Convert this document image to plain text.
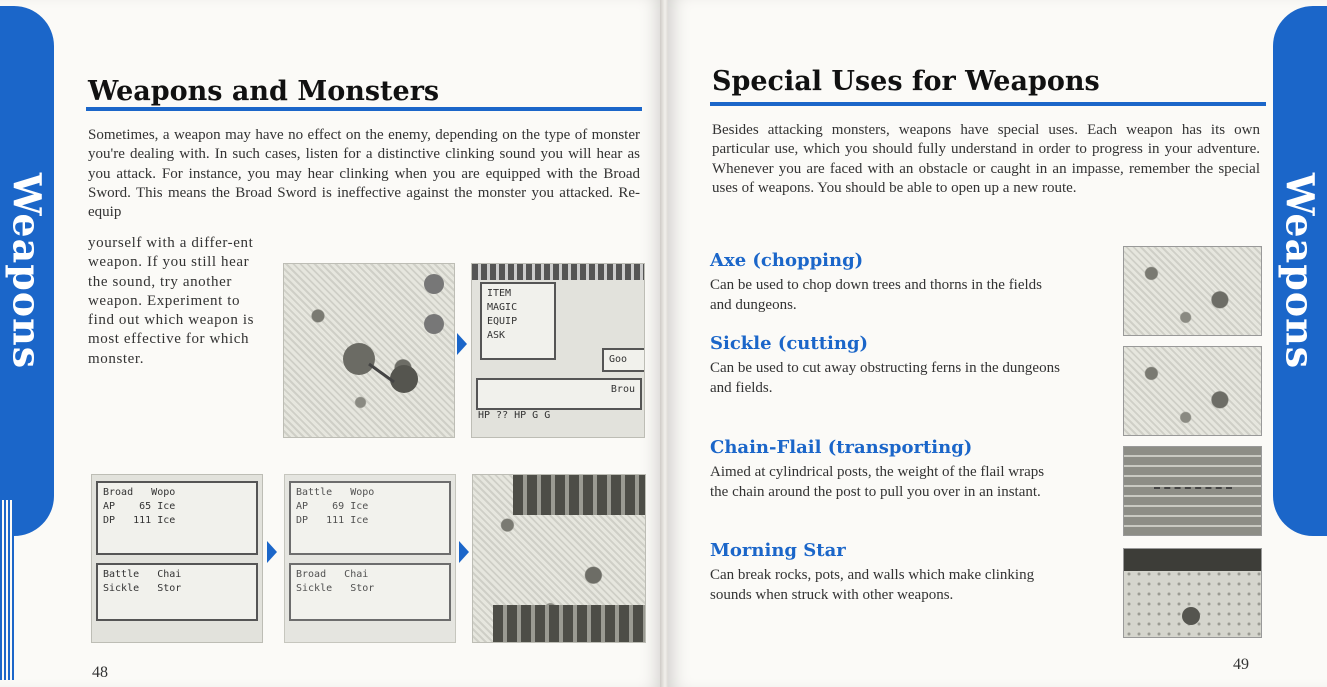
Weapons
Weapons and Monsters

Sometimes, a weapon may have no effect on the enemy, depending on the type of monster you're dealing with. In such cases, listen for a distinctive clinking sound you will hear as you attack. For instance, you may hear clinking when you are equipped with the Broad Sword. This means the Broad Sword is ineffective against the monster you attacked. Re-equip

yourself with a differ-ent weapon. If you still hear the sound, try another weapon. Experiment to find out which weapon is most effective for which monster.

ITEM
MAGIC
EQUIP
ASK
Goo
Brou
HP ?? HP G G
Broad Wopo
AP 65 Ice
DP 111 Ice
Battle Chai
Sickle Stor
Battle Wopo
AP 69 Ice
DP 111 Ice
Broad Chai
Sickle Stor
48
Weapons
Special Uses for Weapons

Besides attacking monsters, weapons have special uses. Each weapon has its own particular use, which you should fully understand in order to progress in your adventure. Whenever you are faced with an obstacle or caught in an impasse, remember the special uses of weapons. You should be able to open up a new route.

Axe (chopping)

Can be used to chop down trees and thorns in the fields and dungeons.

Sickle (cutting)

Can be used to cut away obstructing ferns in the dungeons and fields.

Chain-Flail (transporting)

Aimed at cylindrical posts, the weight of the flail wraps the chain around the post to pull you over in an instant.

Morning Star

Can break rocks, pots, and walls which make clinking sounds when struck with other weapons.

49
